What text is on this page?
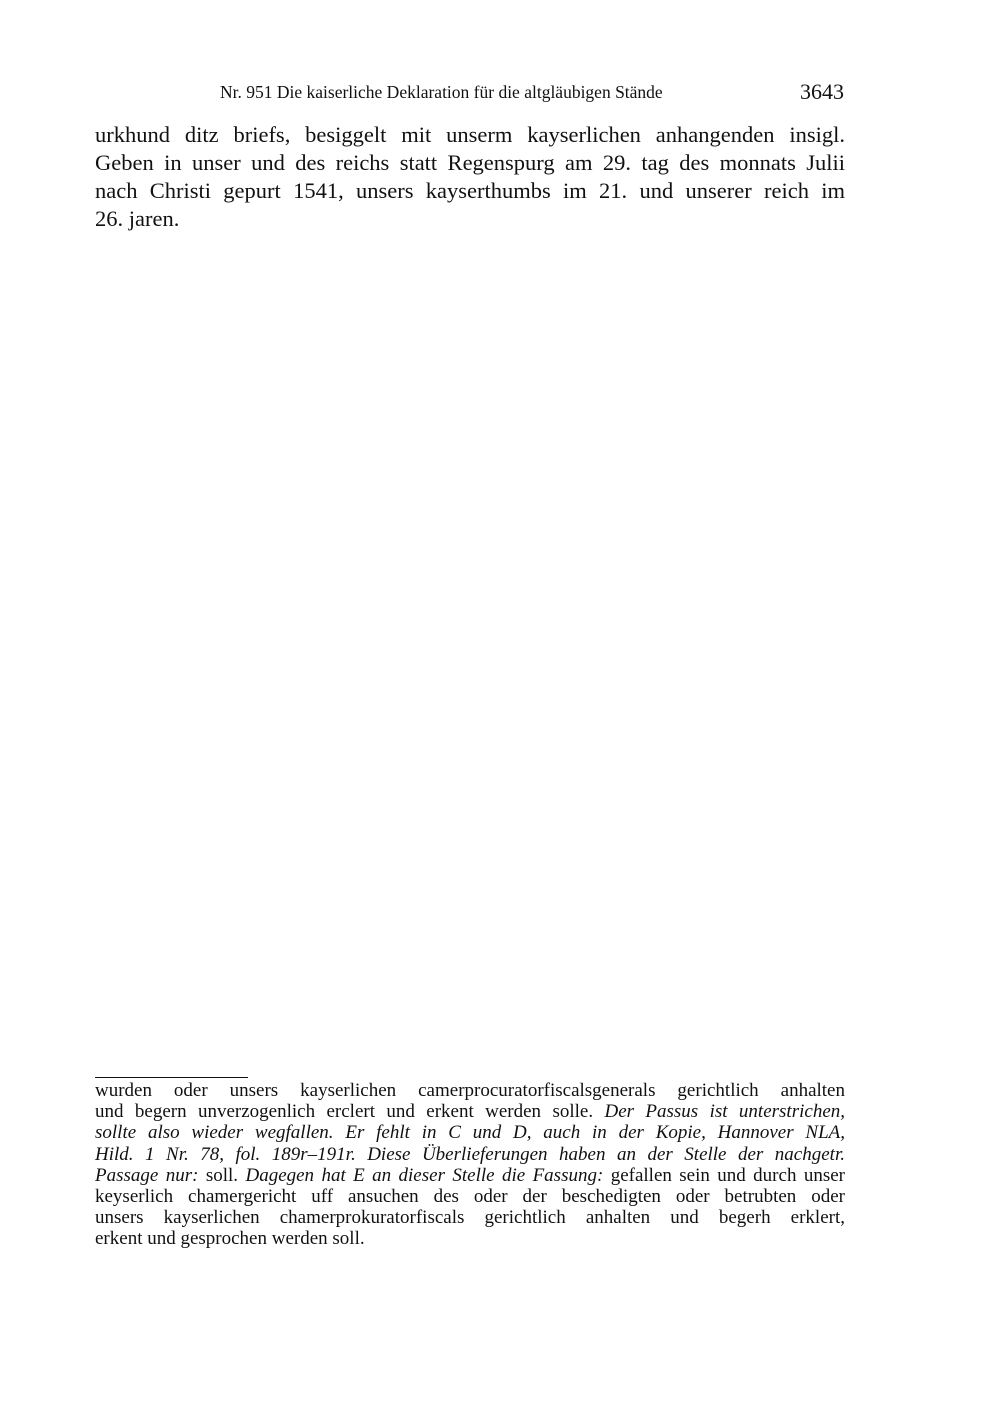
Nr. 951 Die kaiserliche Deklaration für die altgläubigen Stände	3643
urkhund ditz briefs, besiggelt mit unserm kayserlichen anhangenden insigl.
Geben in unser und des reichs statt Regenspurg am 29. tag des monnats Julii
nach Christi gepurt 1541, unsers kayserthumbs im 21. und unserer reich im
26. jaren.
wurden oder unsers kayserlichen camerprocuratorfiscalsgenerals gerichtlich anhalten
und begern unverzogenlich erclert und erkent werden solle. Der Passus ist unterstrichen,
sollte also wieder wegfallen. Er fehlt in C und D, auch in der Kopie, Hannover NLA,
Hild. 1 Nr. 78, fol. 189r–191r. Diese Überlieferungen haben an der Stelle der nachgetr.
Passage nur: soll. Dagegen hat E an dieser Stelle die Fassung: gefallen sein und durch unser
keyserlich chamergericht uff ansuchen des oder der beschedigten oder betrubten oder
unsers kayserlichen chamerprokuratorfiscals gerichtlich anhalten und begerh erklert,
erkent und gesprochen werden soll.
